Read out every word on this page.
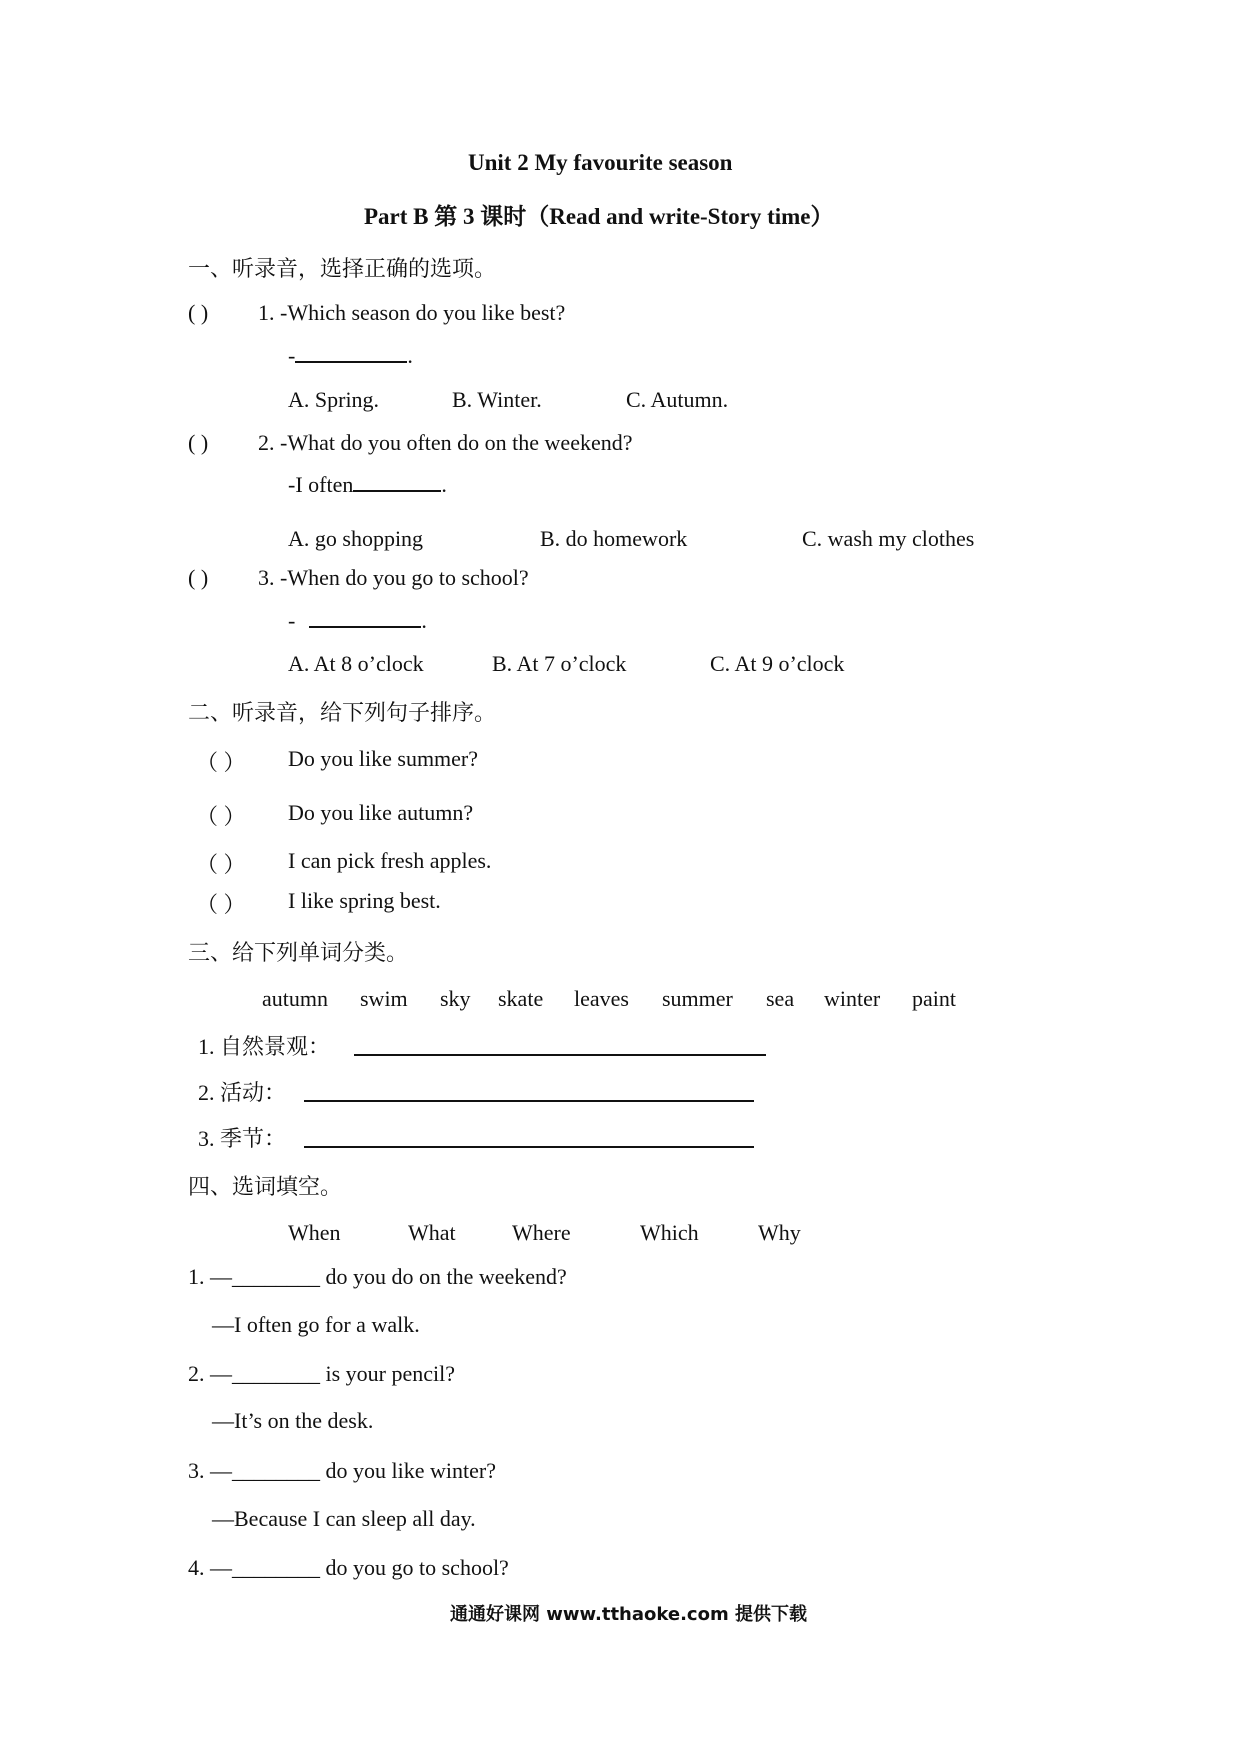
Unit 2 My favourite season
Part B 第 3 课时（Read and write-Story time）
一、听录音，选择正确的选项。
( ) 1. -Which season do you like best?
-	.
A. Spring.	B. Winter.	C. Autumn.
( ) 2. -What do you often do on the weekend?
-I often	.
A. go shopping	B. do homework	C. wash my clothes
( ) 3. -When do you go to school?
-	.
A. At 8 o’clock	B. At 7 o’clock	C. At 9 o’clock
二、听录音，给下列句子排序。
（ ） Do you like summer?
（ ） Do you like autumn?
（ ） I can pick fresh apples.
（ ） I like spring best.
三、给下列单词分类。
autumn swim sky skate leaves summer sea winter paint
1. 自然景观：
2. 活动：
3. 季节：
四、选词填空。
When	What	Where	Which	Why
1. —________ do you do on the weekend?
—I often go for a walk.
2. —________ is your pencil?
—It’s on the desk.
3. —________ do you like winter?
—Because I can sleep all day.
4. —________ do you go to school?
通通好课网 www.tthaoke.com 提供下载
